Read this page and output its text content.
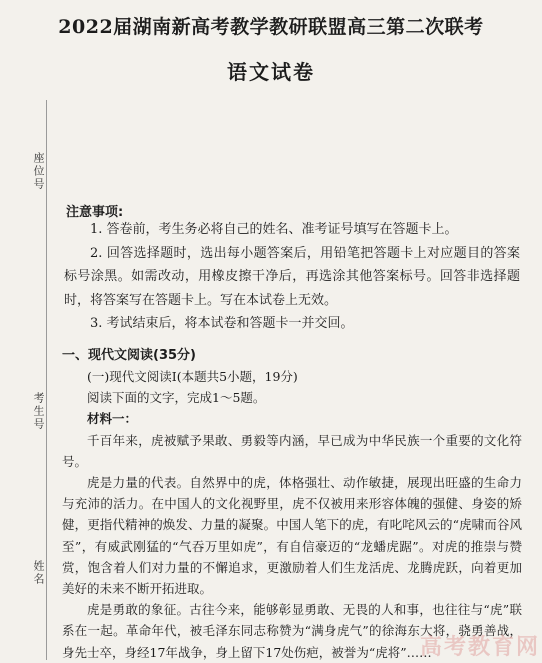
2022届湖南新高考教学教研联盟高三第二次联考
语文试卷
座位号
考生号
姓名
注意事项:

1. 答卷前，考生务必将自己的姓名、准考证号填写在答题卡上。

2. 回答选择题时，选出每小题答案后，用铅笔把答题卡上对应题目的答案标号涂黑。如需改动，用橡皮擦干净后，再选涂其他答案标号。回答非选择题时，将答案写在答题卡上。写在本试卷上无效。

3. 考试结束后，将本试卷和答题卡一并交回。

一、现代文阅读(35分)

(一)现代文阅读Ⅰ(本题共5小题，19分)

阅读下面的文字，完成1～5题。

材料一：

千百年来，虎被赋予果敢、勇毅等内涵，早已成为中华民族一个重要的文化符号。

虎是力量的代表。自然界中的虎，体格强壮、动作敏捷，展现出旺盛的生命力与充沛的活力。在中国人的文化视野里，虎不仅被用来形容体魄的强健、身姿的矫健，更指代精神的焕发、力量的凝聚。中国人笔下的虎，有叱咤风云的“虎啸而谷风至”，有威武刚猛的“气吞万里如虎”，有自信豪迈的“龙蟠虎踞”。对虎的推崇与赞赏，饱含着人们对力量的不懈追求，更激励着人们生龙活虎、龙腾虎跃，向着更加美好的未来不断开拓进取。

虎是勇敢的象征。古往今来，能够彰显勇敢、无畏的人和事，也往往与“虎”联系在一起。革命年代，被毛泽东同志称赞为“满身虎气”的徐海东大将，骁勇善战，身先士卒，身经17年战争，身上留下17处伤疤，被誉为“虎将”……

高考教育网
